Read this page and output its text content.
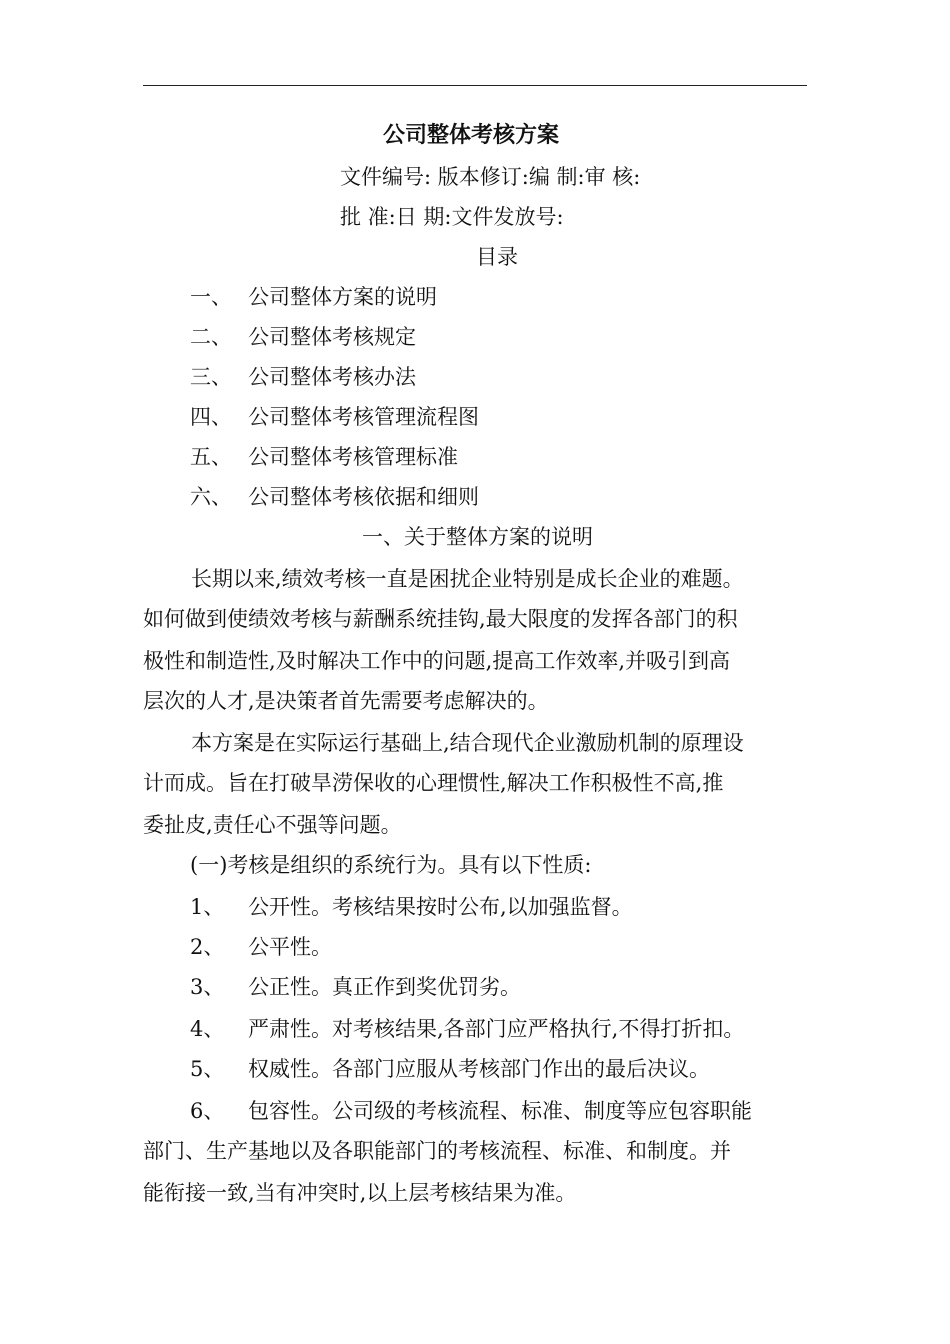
公司整体考核方案
文件编号: 版本修订:编 制:审 核:
批 准:日 期:文件发放号:
目录
一、 公司整体方案的说明
二、 公司整体考核规定
三、 公司整体考核办法
四、 公司整体考核管理流程图
五、 公司整体考核管理标准
六、 公司整体考核依据和细则
一、关于整体方案的说明
长期以来,绩效考核一直是困扰企业特别是成长企业的难题。
如何做到使绩效考核与薪酬系统挂钩,最大限度的发挥各部门的积
极性和制造性,及时解决工作中的问题,提高工作效率,并吸引到高
层次的人才,是决策者首先需要考虑解决的。
本方案是在实际运行基础上,结合现代企业激励机制的原理设
计而成。旨在打破旱涝保收的心理惯性,解决工作积极性不高,推
委扯皮,责任心不强等问题。
(一)考核是组织的系统行为。具有以下性质:
1、 公开性。考核结果按时公布,以加强监督。
2、 公平性。
3、 公正性。真正作到奖优罚劣。
4、 严肃性。对考核结果,各部门应严格执行,不得打折扣。
5、 权威性。各部门应服从考核部门作出的最后决议。
6、 包容性。公司级的考核流程、标准、制度等应包容职能
部门、生产基地以及各职能部门的考核流程、标准、和制度。并
能衔接一致,当有冲突时,以上层考核结果为准。
